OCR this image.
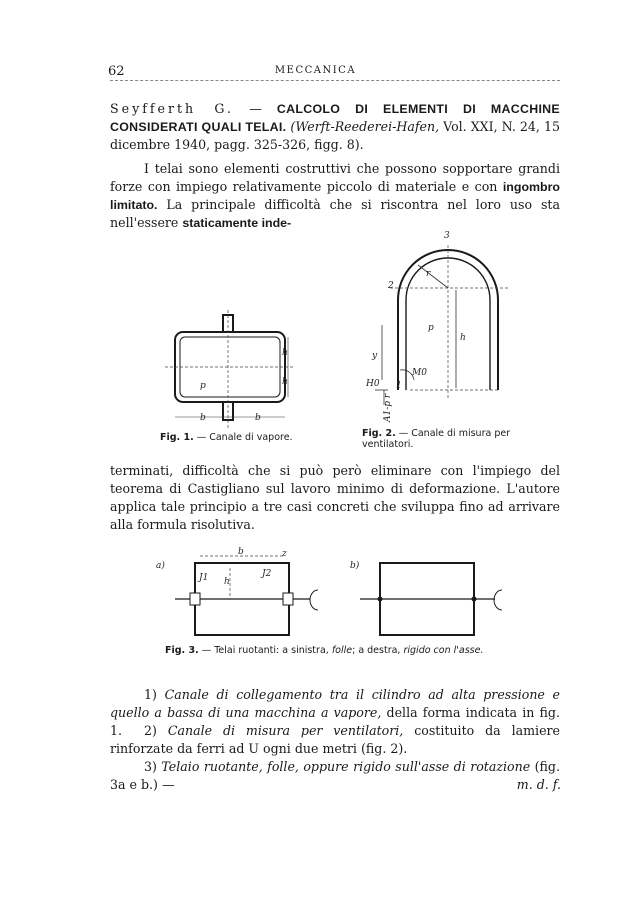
62	MECCANICA
Seyfferth G. — CALCOLO DI ELEMENTI DI MACCHINE CONSIDERATI QUALI TELAI. (Werft-Reederei-Hafen, Vol. XXI, N. 24, 15 dicembre 1940, pagg. 325-326, figg. 8).
I telai sono elementi costruttivi che possono sopportare grandi forze con impiego relativamente piccolo di materiale e con ingombro limitato. La principale difficoltà che si riscontra nel loro uso sta nell'essere staticamente inde-
p
h
h
b	b
Fig. 1. — Canale di vapore.
3
2
1
r
p
h
y
M0
H0
A1-p r
Fig. 2. — Canale di misura per ventilatori.
terminati, difficoltà che si può però eliminare con l'impiego del teorema di Castigliano sul lavoro minimo di deformazione. L'autore applica tale principio a tre casi concreti che sviluppa fino ad arrivare alla formula risolutiva.
a)	b)
b
h
J1	J2
z
Fig. 3. — Telai ruotanti: a sinistra, folle; a destra, rigido con l'asse.
1) Canale di collegamento tra il cilindro ad alta pressione e quello a bassa di una macchina a vapore, della forma indicata in fig. 1.	2) Canale di misura per ventilatori, costituito da lamiere rinforzate da ferri ad U ogni due metri (fig. 2).
3) Telaio ruotante, folle, oppure rigido sull'asse di rotazione (fig. 3a e b.) —	m. d. f.
